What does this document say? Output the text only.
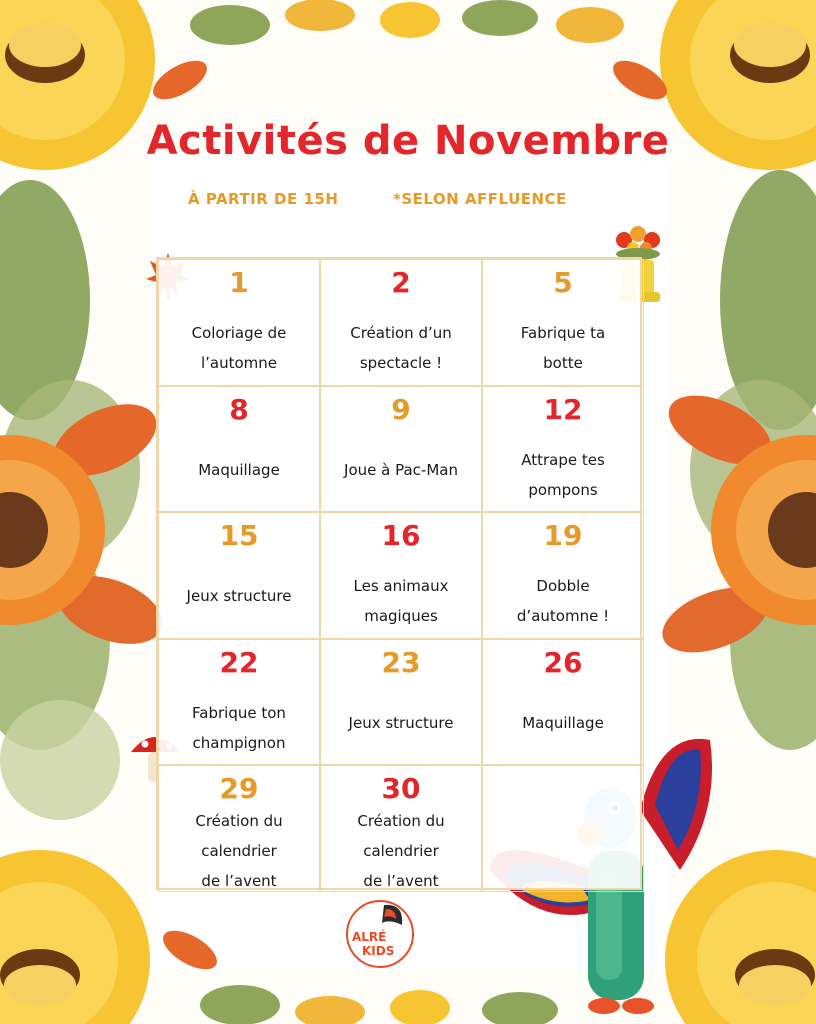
Activités de Novembre
À PARTIR DE 15H	*SELON AFFLUENCE
1
Coloriage de
l’automne
2
Création d’un
spectacle !
5
Fabrique ta
botte
8
Maquillage
9
Joue à Pac-Man
12
Attrape tes
pompons
15
Jeux structure
16
Les animaux
magiques
19
Dobble
d’automne !
22
Fabrique ton
champignon
23
Jeux structure
26
Maquillage
29
Création du
calendrier
de l’avent
30
Création du
calendrier
de l’avent
ALRÉ
KIDS
